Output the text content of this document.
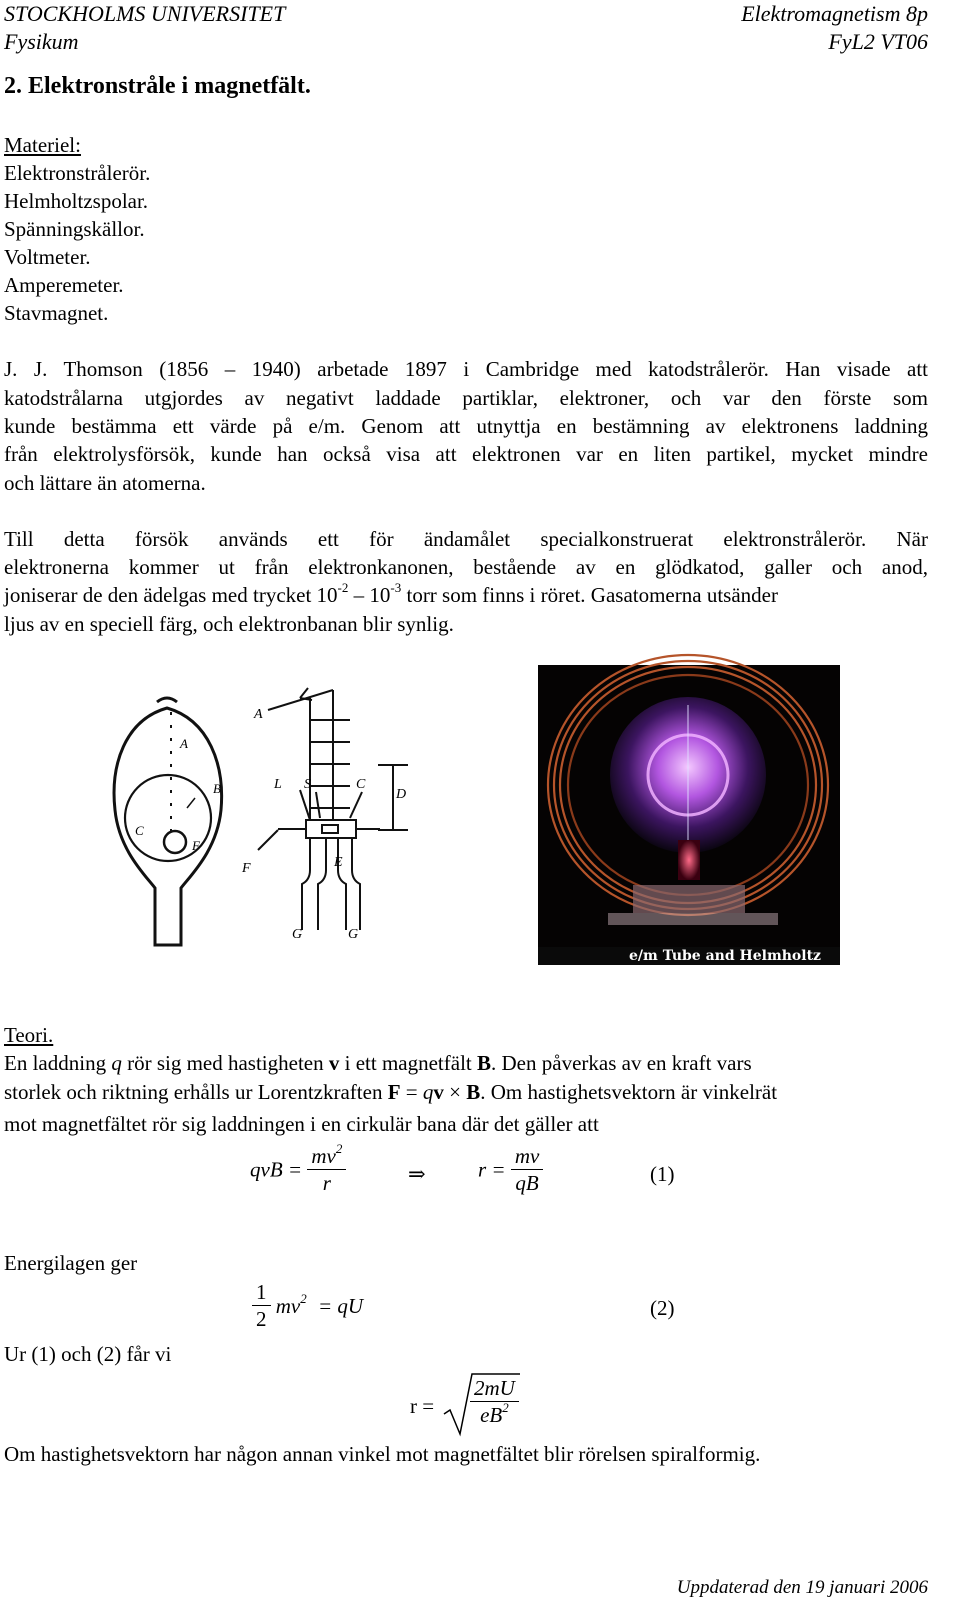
STOCKHOLMS UNIVERSITET
Fysikum
Elektromagnetism 8p
FyL2 VT06
2. Elektronstråle i magnetfält.
Materiel:
Elektronstrålerör.
Helmholtzspolar.
Spänningskällor.
Voltmeter.
Amperemeter.
Stavmagnet.
J. J. Thomson (1856 – 1940) arbetade 1897 i Cambridge med katodstrålerör. Han visade att
katodstrålarna utgjordes av negativt laddade partiklar, elektroner, och var den förste som
kunde bestämma ett värde på e/m. Genom att utnyttja en bestämning av elektronens laddning
från elektrolysförsök, kunde han också visa att elektronen var en liten partikel, mycket mindre
och lättare än atomerna.
Till detta försök används ett för ändamålet specialkonstruerat elektronstrålerör. När
elektronerna kommer ut från elektronkanonen, bestående av en glödkatod, galler och anod,
joniserar de den ädelgas med trycket $10^{-2} - 10^{-3}$ torr som finns i röret. Gasatomerna utsänder
ljus av en speciell färg, och elektronbanan blir synlig.
A
B
C
F
A
L S	C
D
E
F
G	G
e/m Tube and Helmholtz Coils
Teori.
En laddning q rör sig med hastigheten v i ett magnetfält B. Den påverkas av en kraft vars
storlek och riktning erhålls ur Lorentzkraften F = qv × B. Om hastighetsvektorn är vinkelrät
mot magnetfältet rör sig laddningen i en cirkulär bana där det gäller att
qvB = $\frac{mv^2}{r}$	⇒ $r = \frac{mv}{qB}$	(1)
Energilagen ger
$\frac{1}{2} mv^2$ = qU	(2)
Ur (1) och (2) får vi
$r = \frac{2mU}{eB^2}$
Om hastighetsvektorn har någon annan vinkel mot magnetfältet blir rörelsen spiralformig.
Uppdaterad den 19 januari 2006
